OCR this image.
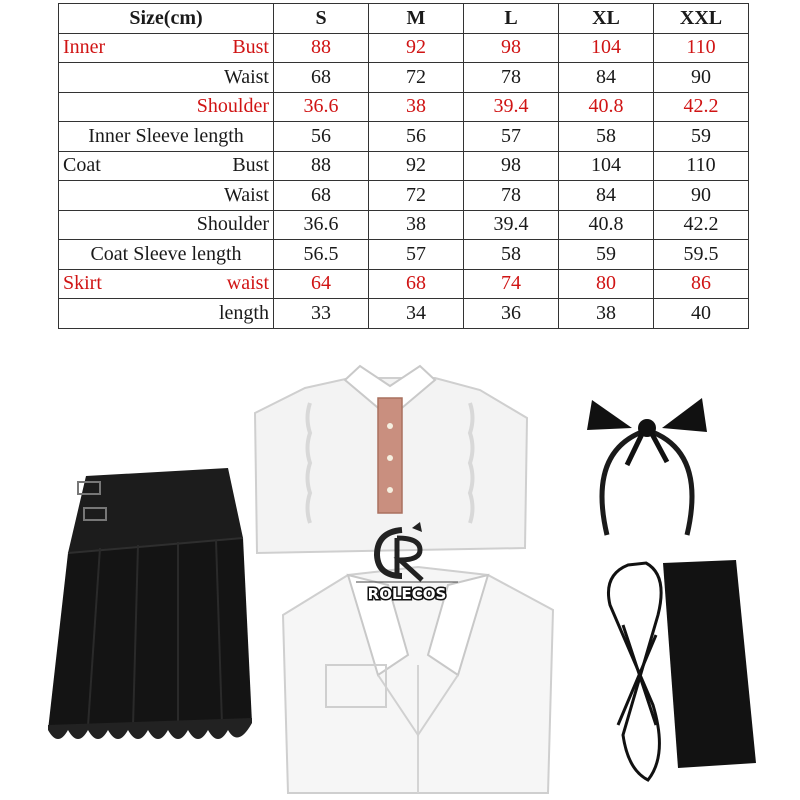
Size(cm)	S	M	L	XL	XXL

Inner Bust	88	92	98	104	110

Waist	68	72	78	84	90

Shoulder	36.6	38	39.4	40.8	42.2
Inner Sleeve length	56	56	57	58	59

Coat Bust	88	92	98	104	110

Waist	68	72	78	84	90

Shoulder	36.6	38	39.4	40.8	42.2
Coat Sleeve length	56.5	57	58	59	59.5

Skirt waist	64	68	74	80	86

length	33	34	36	38	40
ROLECOS
